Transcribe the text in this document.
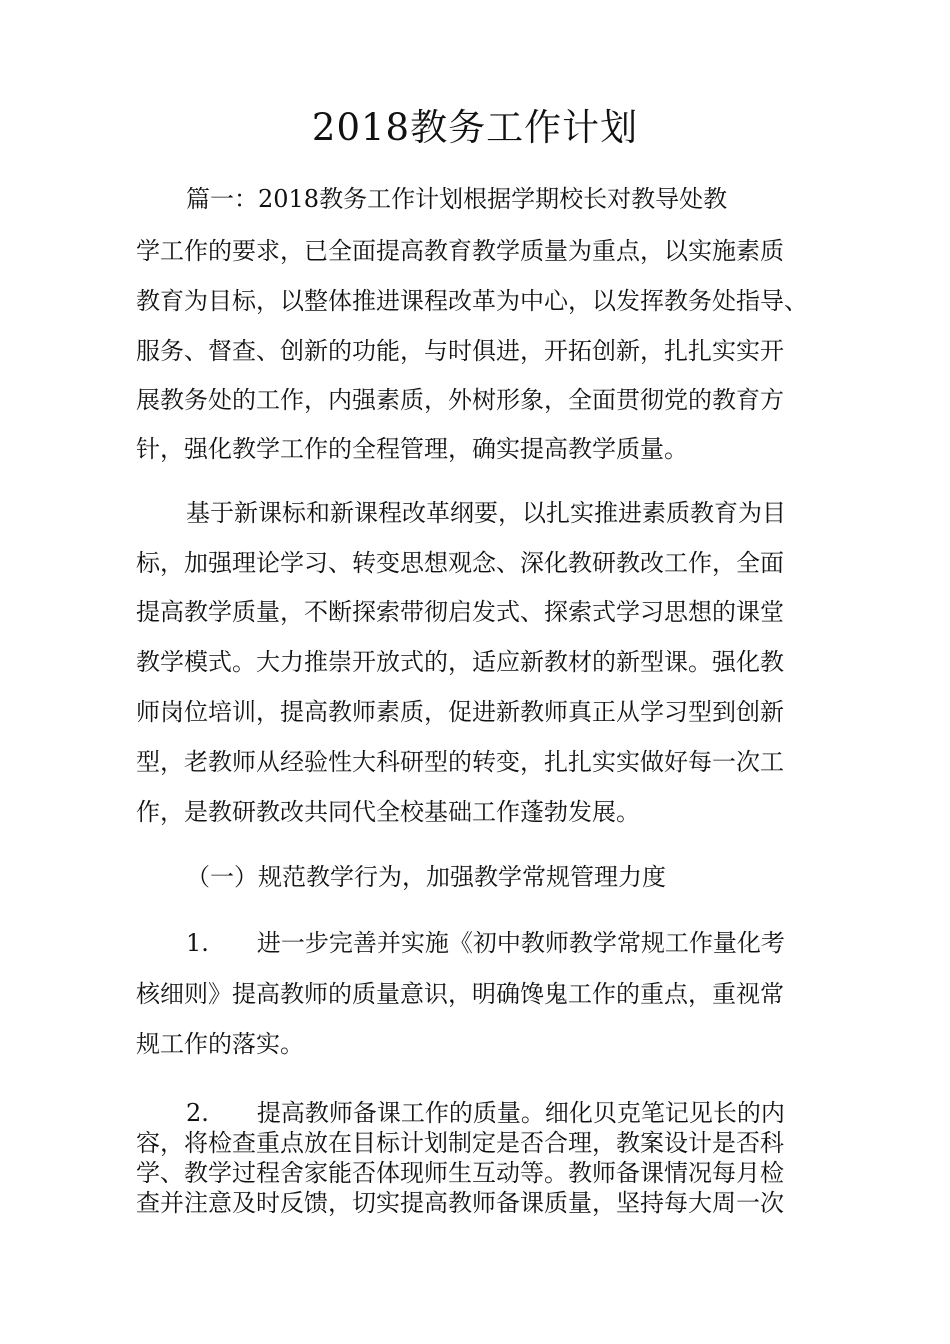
2018教务工作计划
篇一：2018教务工作计划根据学期校长对教导处教
学工作的要求，已全面提高教育教学质量为重点，以实施素质
教育为目标，以整体推进课程改革为中心，以发挥教务处指导、
服务、督查、创新的功能，与时俱进，开拓创新，扎扎实实开
展教务处的工作，内强素质，外树形象，全面贯彻党的教育方
针，强化教学工作的全程管理，确实提高教学质量。
基于新课标和新课程改革纲要，以扎实推进素质教育为目
标，加强理论学习、转变思想观念、深化教研教改工作，全面
提高教学质量，不断探索带彻启发式、探索式学习思想的课堂
教学模式。大力推崇开放式的，适应新教材的新型课。强化教
师岗位培训，提高教师素质，促进新教师真正从学习型到创新
型，老教师从经验性大科研型的转变，扎扎实实做好每一次工
作，是教研教改共同代全校基础工作蓬勃发展。
（一）规范教学行为，加强教学常规管理力度
1.　　进一步完善并实施《初中教师教学常规工作量化考
核细则》提高教师的质量意识，明确馋鬼工作的重点，重视常
规工作的落实。
2.　　提高教师备课工作的质量。细化贝克笔记见长的内
容，将检查重点放在目标计划制定是否合理，教案设计是否科
学、教学过程舍家能否体现师生互动等。教师备课情况每月检
查并注意及时反馈，切实提高教师备课质量，坚持每大周一次
